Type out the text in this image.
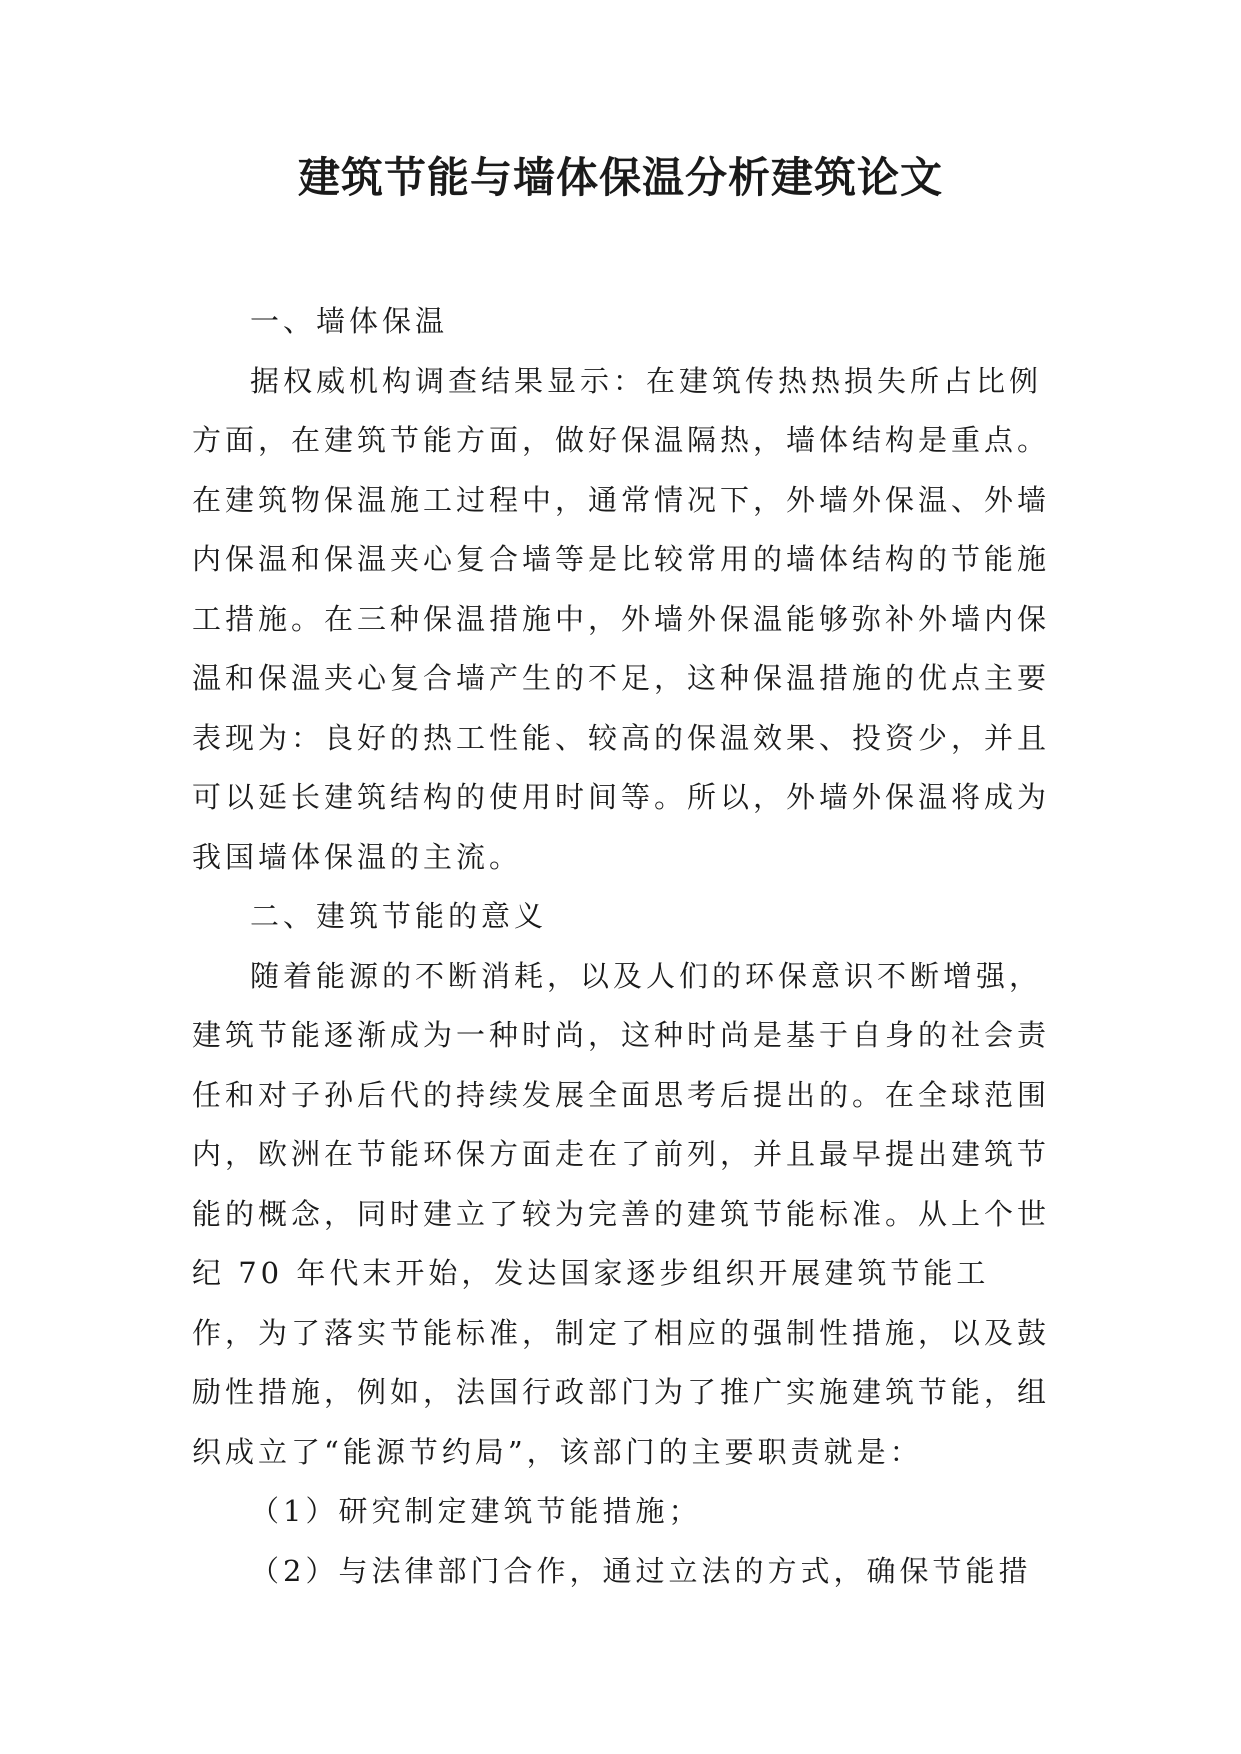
建筑节能与墙体保温分析建筑论文

一、墙体保温

据权威机构调查结果显示：在建筑传热热损失所占比例方面，在建筑节能方面，做好保温隔热，墙体结构是重点。在建筑物保温施工过程中，通常情况下，外墙外保温、外墙内保温和保温夹心复合墙等是比较常用的墙体结构的节能施工措施。在三种保温措施中，外墙外保温能够弥补外墙内保温和保温夹心复合墙产生的不足，这种保温措施的优点主要表现为：良好的热工性能、较高的保温效果、投资少，并且可以延长建筑结构的使用时间等。所以，外墙外保温将成为我国墙体保温的主流。

二、建筑节能的意义

随着能源的不断消耗，以及人们的环保意识不断增强，建筑节能逐渐成为一种时尚，这种时尚是基于自身的社会责任和对子孙后代的持续发展全面思考后提出的。在全球范围内，欧洲在节能环保方面走在了前列，并且最早提出建筑节能的概念，同时建立了较为完善的建筑节能标准。从上个世纪 70 年代末开始，发达国家逐步组织开展建筑节能工作，为了落实节能标准，制定了相应的强制性措施，以及鼓励性措施，例如，法国行政部门为了推广实施建筑节能，组织成立了“能源节约局”，该部门的主要职责就是：

（1）研究制定建筑节能措施；

（2）与法律部门合作，通过立法的方式，确保节能措
